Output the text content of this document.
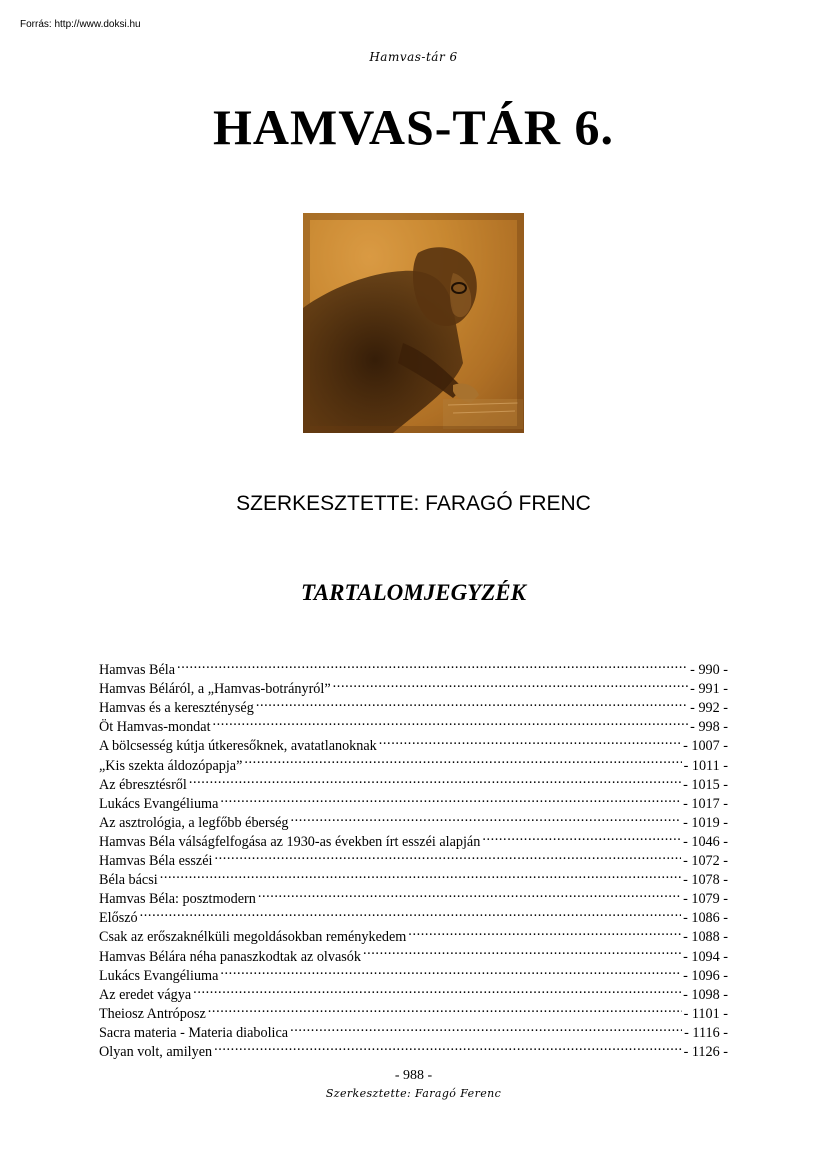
Forrás: http://www.doksi.hu
Hamvas-tár 6
HAMVAS-TÁR 6.
SZERKESZTETTE: FARAGÓ FRENC
TARTALOMJEGYZÉK
Hamvas Béla .....	- 990 -
Hamvas Béláról, a „Hamvas-botrányról” .....	- 991 -
Hamvas és a kereszténység .....	- 992 -
Öt Hamvas-mondat .....	- 998 -
A bölcsesség kútja útkeresőknek, avatatlanoknak .....	- 1007 -
„Kis szekta áldozópapja” .....	- 1011 -
Az ébresztésről .....	- 1015 -
Lukács Evangéliuma .....	- 1017 -
Az asztrológia, a legfőbb éberség .....	- 1019 -
Hamvas Béla válságfelfogása az 1930-as években írt esszéi alapján .....	- 1046 -
Hamvas Béla esszéi .....	- 1072 -
Béla bácsi .....	- 1078 -
Hamvas Béla: posztmodern .....	- 1079 -
Előszó .....	- 1086 -
Csak az erőszaknélküli megoldásokban reménykedem .....	- 1088 -
Hamvas Bélára néha panaszkodtak az olvasók .....	- 1094 -
Lukács Evangéliuma .....	- 1096 -
Az eredet vágya .....	- 1098 -
Theiosz Antróposz .....	- 1101 -
Sacra materia - Materia diabolica .....	- 1116 -
Olyan volt, amilyen .....	- 1126 -
- 988 -
Szerkesztette: Faragó Ferenc
